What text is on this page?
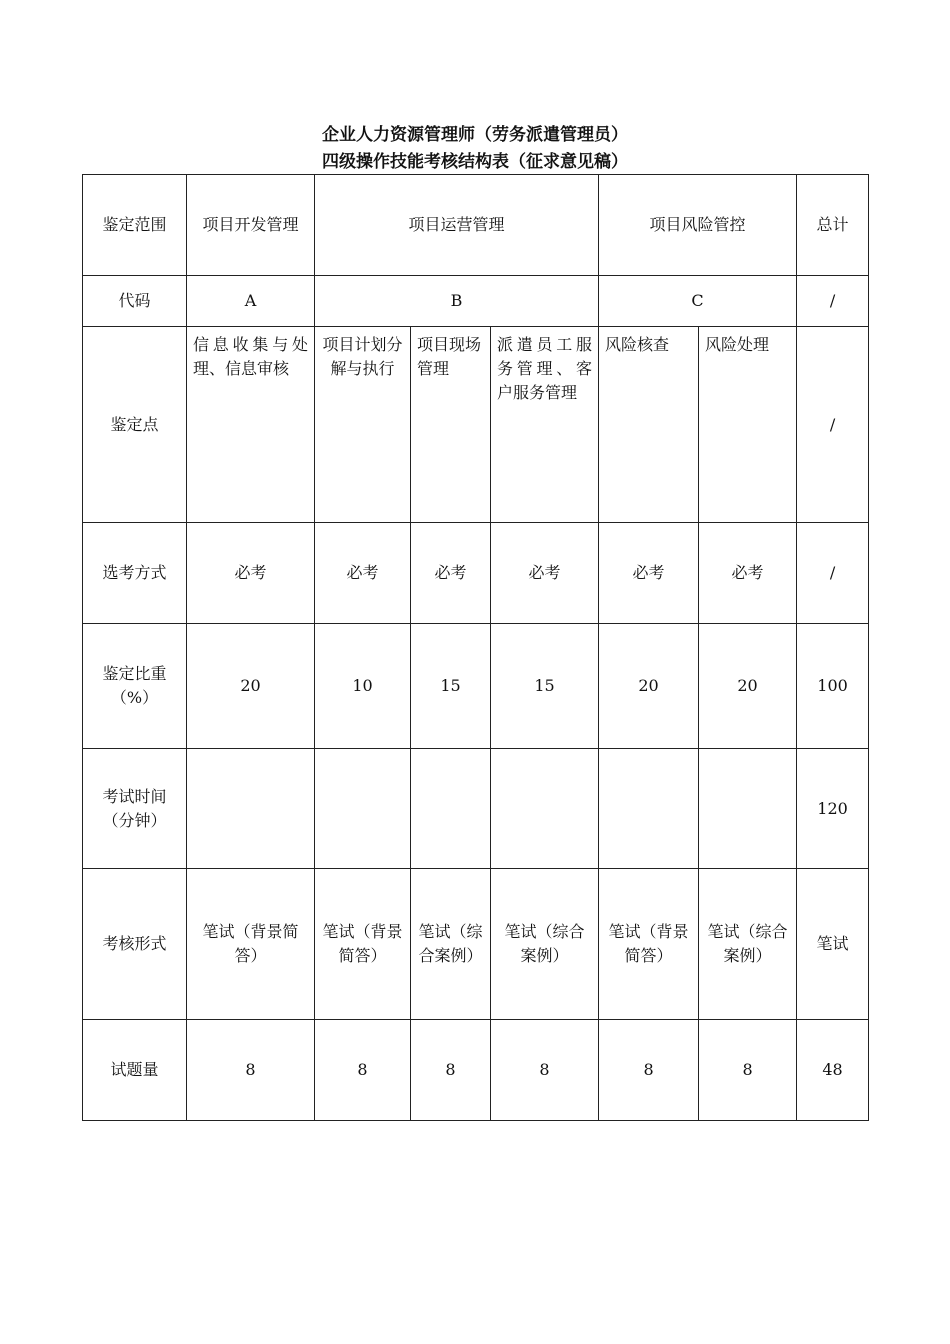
企业人力资源管理师（劳务派遣管理员）
四级操作技能考核结构表（征求意见稿）
鉴定范围	项目开发管理	项目运营管理			项目风险管控		总计
代码	A	B			C		/
鉴定点	信息收集与处理、信息审核	项目计划分解与执行	项目现场管理	派遣员工服务管理、客户服务管理	风险核查	风险处理	/
选考方式	必考	必考	必考	必考	必考	必考	/
鉴定比重（%）	20	10	15	15	20	20	100
考试时间（分钟）							120
考核形式	笔试（背景简答）	笔试（背景简答）	笔试（综合案例）	笔试（综合案例）	笔试（背景简答）	笔试（综合案例）	笔试
试题量	8	8	8	8	8	8	48
